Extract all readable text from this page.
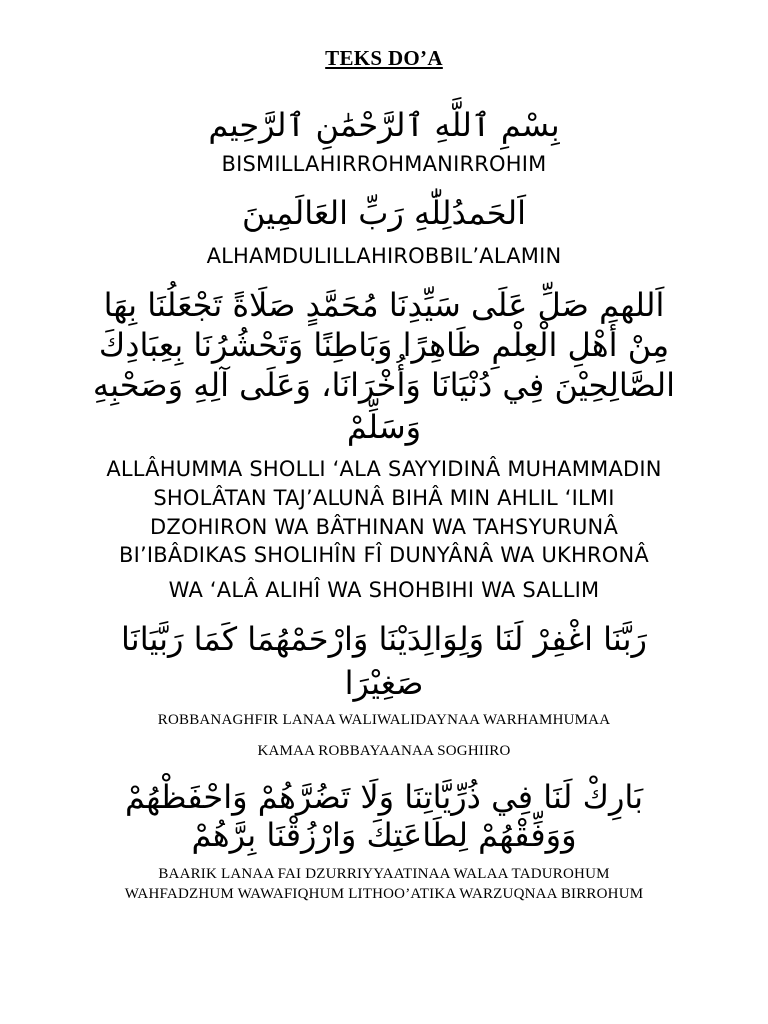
TEKS DO’A
بِسْمِ ٱللَّهِ ٱلرَّحْمَٰنِ ٱلرَّحِيم
BISMILLAHIRROHMANIRROHIM
اَلحَمدُلِلّٰهِ رَبِّ العَالَمِينَ
ALHAMDULILLAHIROBBIL’ALAMIN
اَللهم صَلِّ عَلَى سَيِّدِنَا مُحَمَّدٍ صَلَاةً تَجْعَلُنَا بِهَا
مِنْ أَهْلِ الْعِلْمِ ظَاهِرًا وَبَاطِنًا وَتَحْشُرُنَا بِعِبَادِكَ
الصَّالِحِيْنَ فِي دُنْيَانَا وَأُخْرَانَا، وَعَلَى آلِهِ وَصَحْبِهِ
وَسَلِّمْ
ALLÂHUMMA SHOLLI ‘ALA SAYYIDINÂ MUHAMMADIN
SHOLÂTAN TAJ’ALUNÂ BIHÂ MIN AHLIL ‘ILMI
DZOHIRON WA BÂTHINAN WA TAHSYURUNÂ
BI’IBÂDIKAS SHOLIHÎN FÎ DUNYÂNÂ WA UKHRONÂ
WA ‘ALÂ ALIHÎ WA SHOHBIHI WA SALLIM
رَبَّنَا اغْفِرْ لَنَا وَلِوَالِدَيْنَا وَارْحَمْهُمَا كَمَا رَبَّيَانَا
صَغِيْرَا
ROBBANAGHFIR LANAA WALIWALIDAYNAA WARHAMHUMAA
KAMAA ROBBAYAANAA SOGHIIRO
بَارِكْ لَنَا فِي ذُرِّيَّاتِنَا وَلَا تَضُرَّهُمْ وَاحْفَظْهُمْ
وَوَفِّقْهُمْ لِطَاعَتِكَ وَارْزُقْنَا بِرَّهُمْ
BAARIK LANAA FAI DZURRIYYAATINAA WALAA TADUROHUM
WAHFADZHUM WAWAFIQHUM LITHOO’ATIKA WARZUQNAA BIRROHUM
